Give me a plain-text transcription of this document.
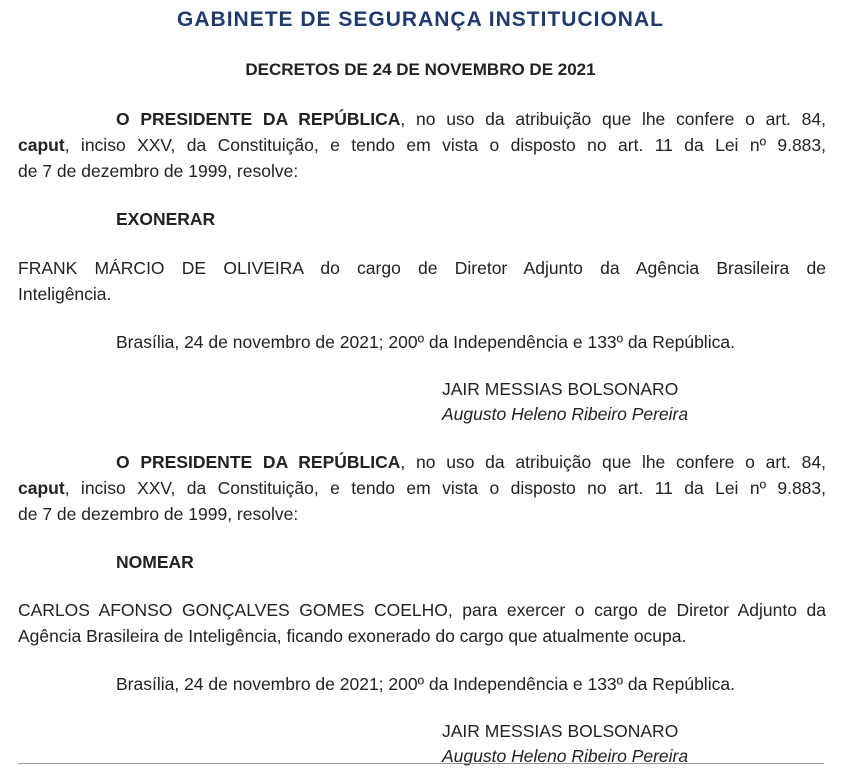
GABINETE DE SEGURANÇA INSTITUCIONAL
DECRETOS DE 24 DE NOVEMBRO DE 2021
O PRESIDENTE DA REPÚBLICA, no uso da atribuição que lhe confere o art. 84,
caput, inciso XXV, da Constituição, e tendo em vista o disposto no art. 11 da Lei nº 9.883,
de 7 de dezembro de 1999, resolve:
EXONERAR
FRANK MÁRCIO DE OLIVEIRA do cargo de Diretor Adjunto da Agência Brasileira de
Inteligência.
Brasília, 24 de novembro de 2021; 200º da Independência e 133º da República.
JAIR MESSIAS BOLSONARO
Augusto Heleno Ribeiro Pereira
O PRESIDENTE DA REPÚBLICA, no uso da atribuição que lhe confere o art. 84,
caput, inciso XXV, da Constituição, e tendo em vista o disposto no art. 11 da Lei nº 9.883,
de 7 de dezembro de 1999, resolve:
NOMEAR
CARLOS AFONSO GONÇALVES GOMES COELHO, para exercer o cargo de Diretor Adjunto da
Agência Brasileira de Inteligência, ficando exonerado do cargo que atualmente ocupa.
Brasília, 24 de novembro de 2021; 200º da Independência e 133º da República.
JAIR MESSIAS BOLSONARO
Augusto Heleno Ribeiro Pereira
